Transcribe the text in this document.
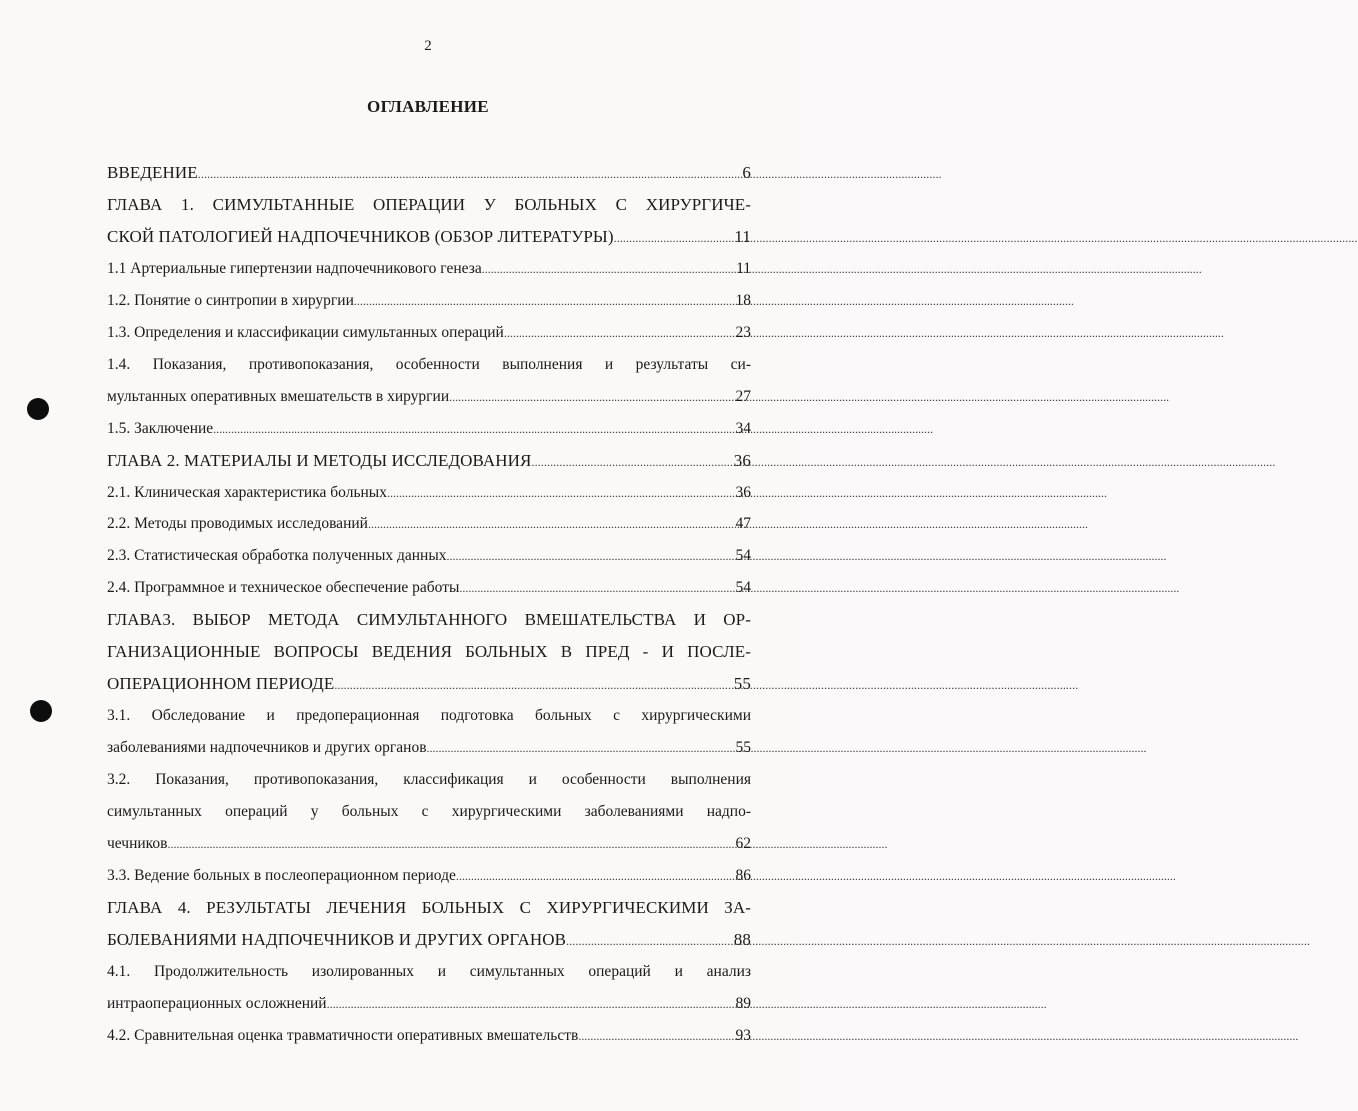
2
ОГЛАВЛЕНИЕ
ВВЕДЕНИЕ .....	6
ГЛАВА 1. СИМУЛЬТАННЫЕ ОПЕРАЦИИ У БОЛЬНЫХ С ХИРУРГИЧЕ-
СКОЙ ПАТОЛОГИЕЙ НАДПОЧЕЧНИКОВ (ОБЗОР ЛИТЕРАТУРЫ) .....	11
1.1 Артериальные гипертензии надпочечникового генеза .....	11
1.2. Понятие о синтропии в хирургии .....	18
1.3. Определения и классификации симультанных операций .....	23
1.4. Показания, противопоказания, особенности выполнения и результаты си-
мультанных оперативных вмешательств в хирургии .....	27
1.5. Заключение .....	34
ГЛАВА 2. МАТЕРИАЛЫ И МЕТОДЫ ИССЛЕДОВАНИЯ .....	36
2.1. Клиническая характеристика больных .....	36
2.2. Методы проводимых исследований .....	47
2.3. Статистическая обработка полученных данных .....	54
2.4. Программное и техническое обеспечение работы .....	54
ГЛАВА3. ВЫБОР МЕТОДА СИМУЛЬТАННОГО ВМЕШАТЕЛЬСТВА И ОР-
ГАНИЗАЦИОННЫЕ ВОПРОСЫ ВЕДЕНИЯ БОЛЬНЫХ В ПРЕД - И ПОСЛЕ-
ОПЕРАЦИОННОМ ПЕРИОДЕ .....	55
3.1. Обследование и предоперационная подготовка больных с хирургическими
заболеваниями надпочечников и других органов .....	55
3.2. Показания, противопоказания, классификация и особенности выполнения
симультанных операций у больных с хирургическими заболеваниями надпо-
чечников .....	62
3.3. Ведение больных в послеоперационном периоде .....	86
ГЛАВА 4. РЕЗУЛЬТАТЫ ЛЕЧЕНИЯ БОЛЬНЫХ С ХИРУРГИЧЕСКИМИ ЗА-
БОЛЕВАНИЯМИ НАДПОЧЕЧНИКОВ И ДРУГИХ ОРГАНОВ .....	88
4.1. Продолжительность изолированных и симультанных операций и анализ
интраоперационных осложнений .....	89
4.2. Сравнительная оценка травматичности оперативных вмешательств .....	93
